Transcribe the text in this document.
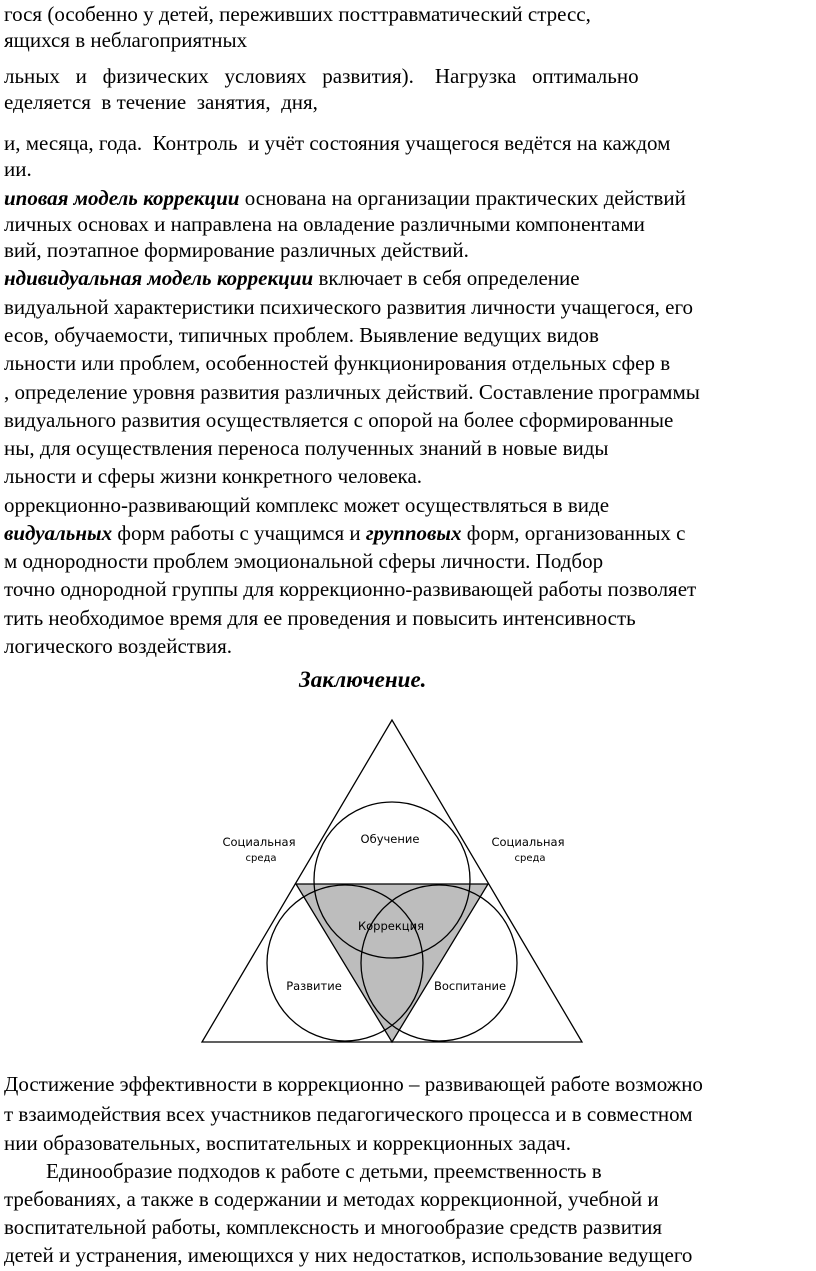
гося (особенно у детей, переживших посттравматический стресс,
ящихся в неблагоприятных
льных   и   физических   условиях   развития).    Нагрузка   оптимально
еделяется  в течение  занятия,  дня,
и, месяца, года.  Контроль  и учёт состояния учащегося ведётся на каждом
ии.
иповая модель коррекции основана на организации практических действий
личных основах и направлена на овладение различными компонентами
вий, поэтапное формирование различных действий.
ндивидуальная модель коррекции включает в себя определение
видуальной характеристики психического развития личности учащегося, его
есов, обучаемости, типичных проблем. Выявление ведущих видов
льности или проблем, особенностей функционирования отдельных сфер в
, определение уровня развития различных действий. Составление программы
видуального развития осуществляется с опорой на более сформированные
ны, для осуществления переноса полученных знаний в новые виды
льности и сферы жизни конкретного человека.
оррекционно-развивающий комплекс может осуществляться в виде
видуальных форм работы с учащимся и групповых форм, организованных с
м однородности проблем эмоциональной сферы личности. Подбор
точно однородной группы для коррекционно-развивающей работы позволяет
тить необходимое время для ее проведения и повысить интенсивность
логического воздействия.
Заключение.
Обучение
Коррекция
Развитие	Воспитание
Социальная
среда
Социальная
среда
Достижение эффективности в коррекционно – развивающей работе возможно
т взаимодействия всех участников педагогического процесса и в совместном
нии образовательных, воспитательных и коррекционных задач.
Единообразие подходов к работе с детьми, преемственность в
требованиях, а также в содержании и методах коррекционной, учебной и
воспитательной работы, комплексность и многообразие средств развития
детей и устранения, имеющихся у них недостатков, использование ведущего
